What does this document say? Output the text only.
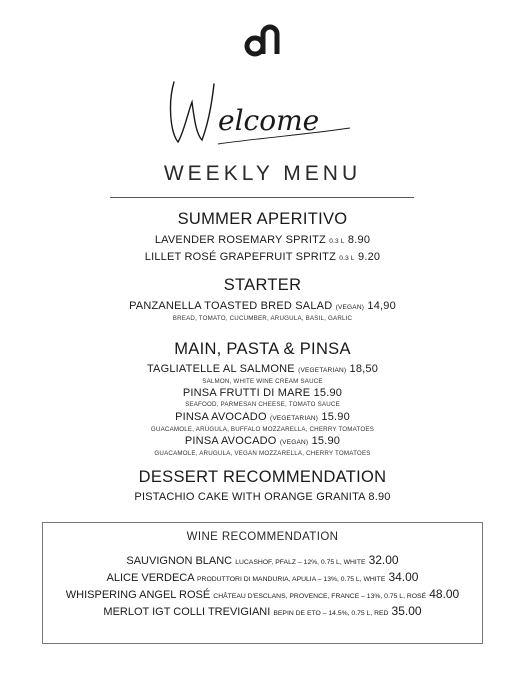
elcome
WEEKLY MENU
SUMMER APERITIVO
LAVENDER ROSEMARY SPRITZ 0.3 L 8.90
LILLET ROSÉ GRAPEFRUIT SPRITZ 0.3 L 9.20
STARTER
PANZANELLA TOASTED BRED SALAD (VEGAN) 14,90
BREAD, TOMATO, CUCUMBER, ARUGULA, BASIL, GARLIC
MAIN, PASTA & PINSA
TAGLIATELLE AL SALMONE (VEGETARIAN) 18,50
SALMON, WHITE WINE CREAM SAUCE
PINSA FRUTTI DI MARE 15.90
SEAFOOD, PARMESAN CHEESE, TOMATO SAUCE
PINSA AVOCADO (VEGETARIAN) 15.90
GUACAMOLE, ARUGULA, BUFFALO MOZZARELLA, CHERRY TOMATOES
PINSA AVOCADO (VEGAN) 15.90
GUACAMOLE, ARUGULA, VEGAN MOZZARELLA, CHERRY TOMATOES
DESSERT RECOMMENDATION
PISTACHIO CAKE WITH ORANGE GRANITA 8.90
WINE RECOMMENDATION
SAUVIGNON BLANC LUCASHOF, PFALZ – 12%, 0.75 L, WHITE 32.00
ALICE VERDECA PRODUTTORI DI MANDURIA, APULIA – 13%, 0.75 L, WHITE 34.00
WHISPERING ANGEL ROSÉ CHÂTEAU D'ESCLANS, PROVENCE, FRANCE – 13%, 0.75 L, ROSÉ 48.00
MERLOT IGT COLLI TREVIGIANI BEPIN DE ETO – 14.5%, 0.75 L, RED 35.00
